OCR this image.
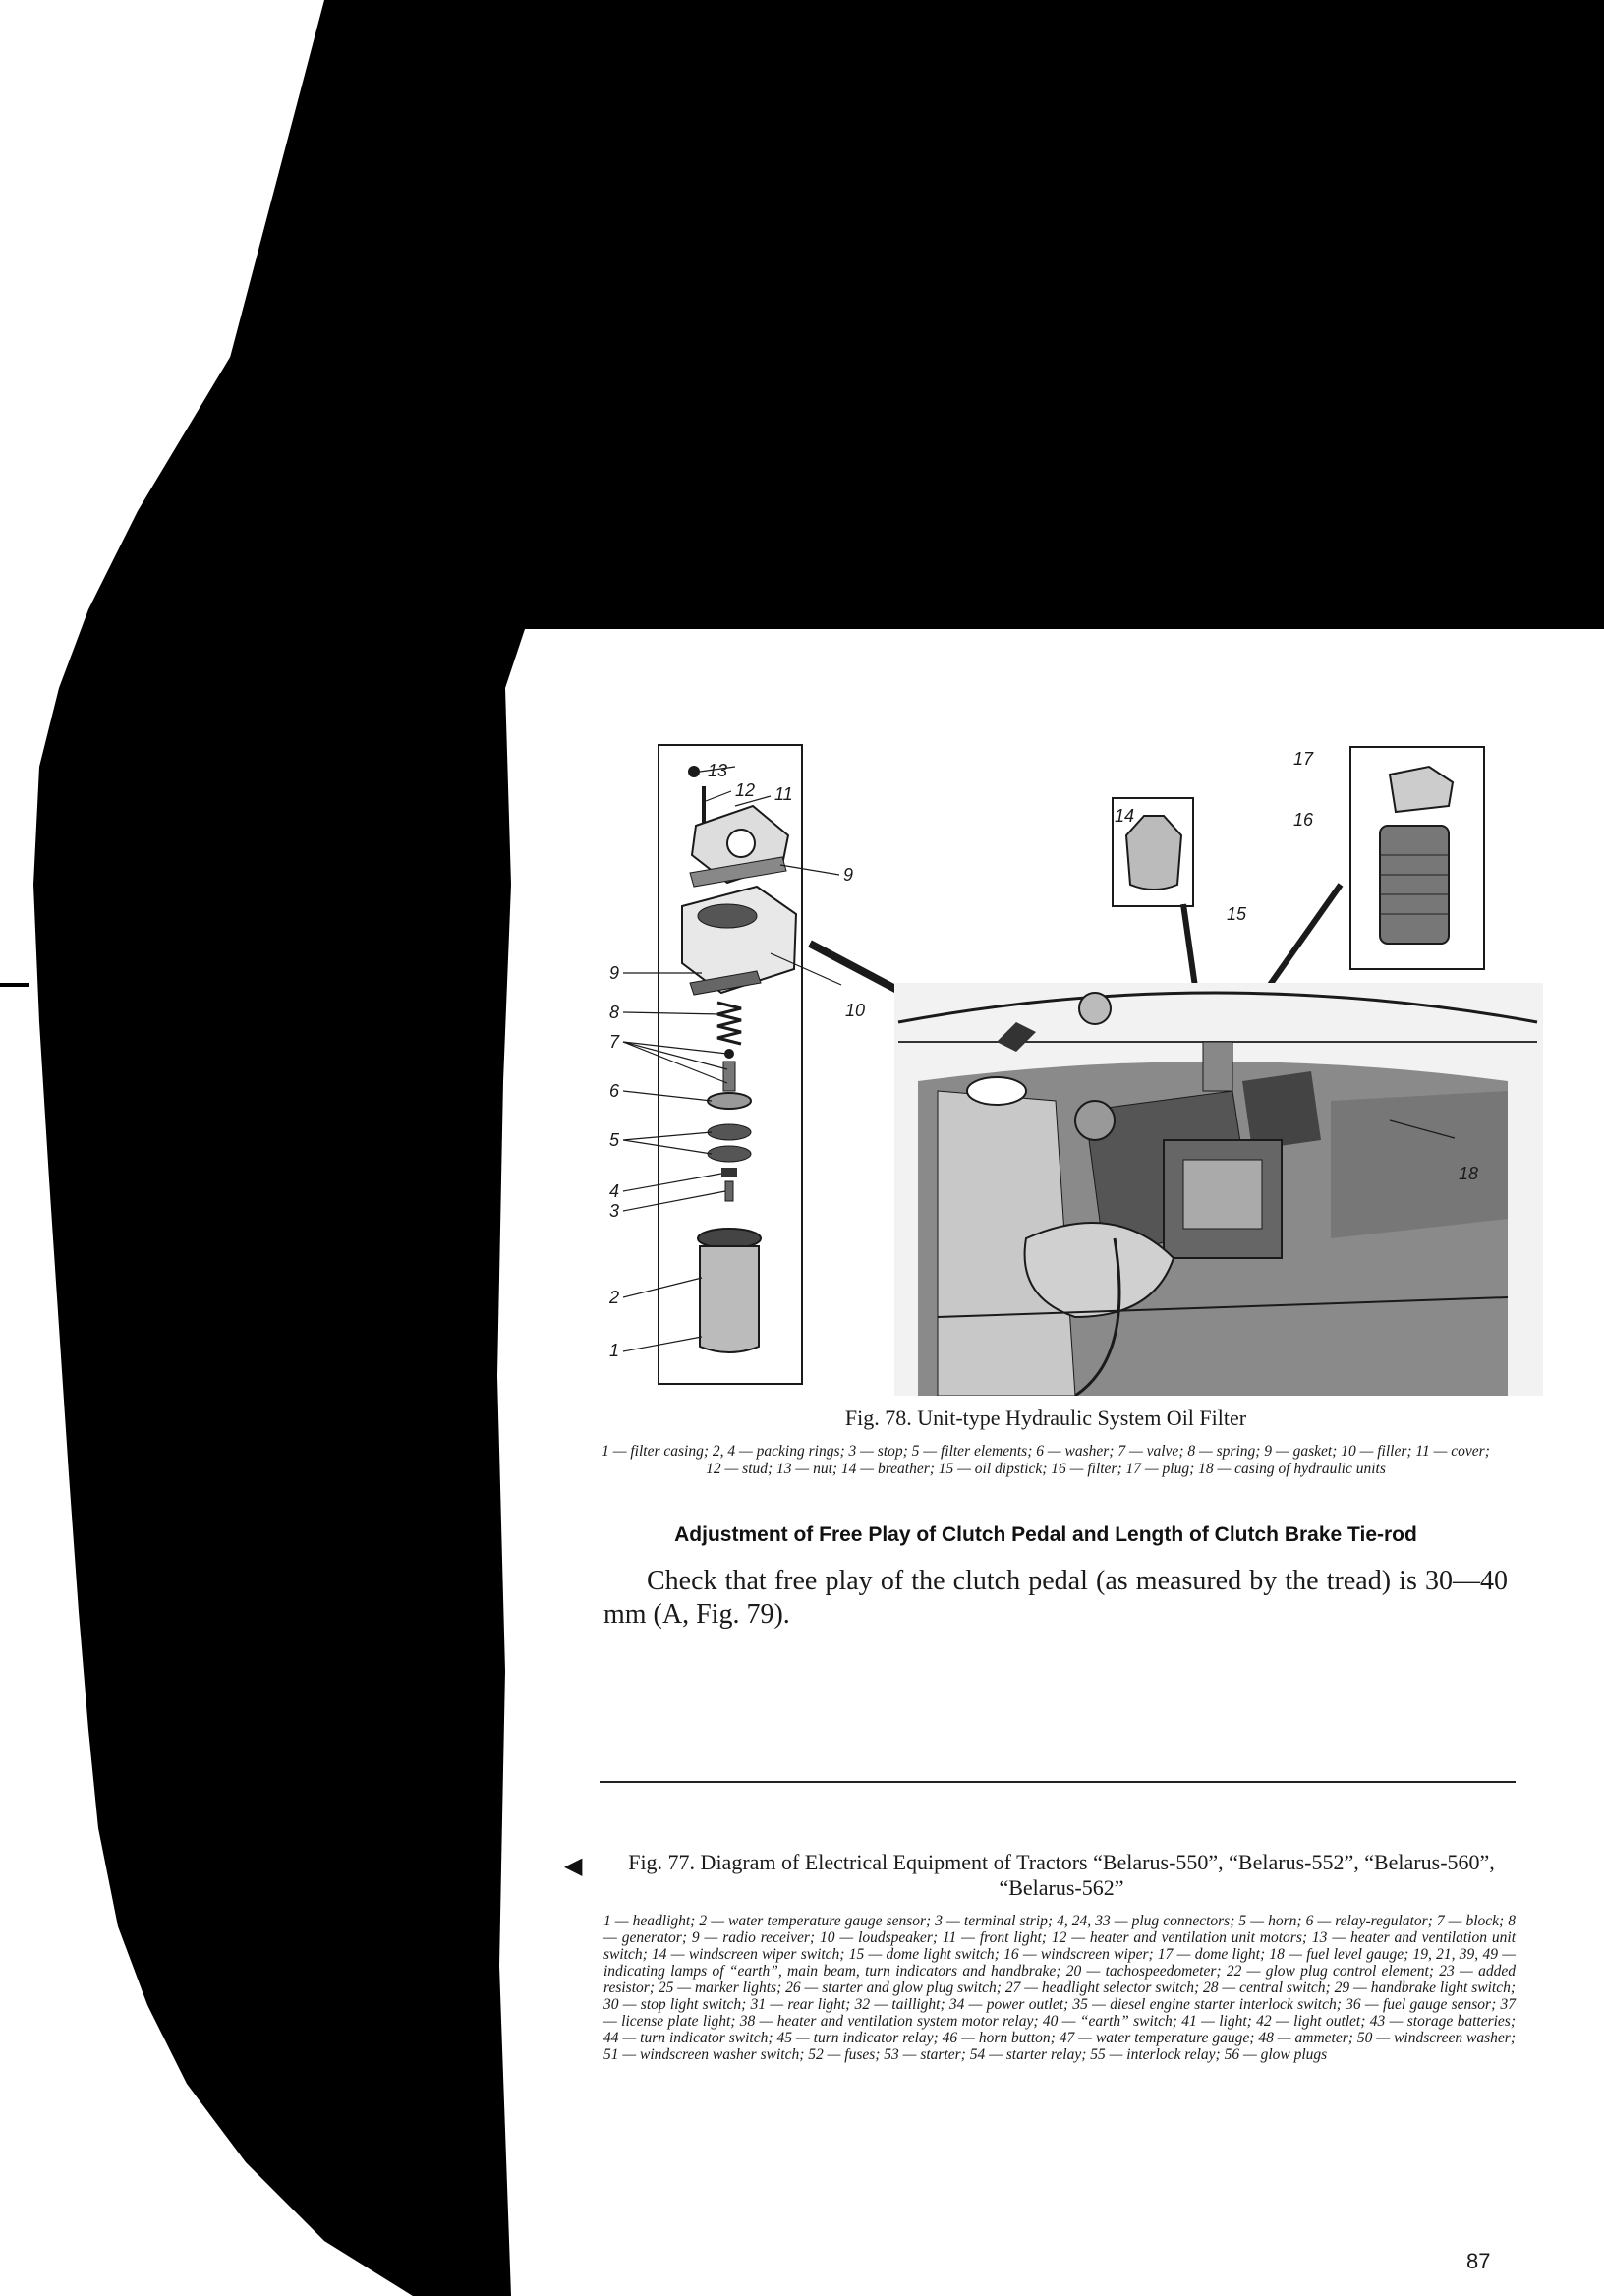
13
12 11
9
9
10
8
7
6
5
4
3
2
1
14
15
16
17
18
Fig. 78. Unit-type Hydraulic System Oil Filter
1 — filter casing; 2, 4 — packing rings; 3 — stop; 5 — filter elements; 6 — washer; 7 — valve; 8 — spring; 9 — gasket; 10 — filler; 11 — cover; 12 — stud; 13 — nut; 14 — breather; 15 — oil dipstick; 16 — filter; 17 — plug; 18 — casing of hydraulic units
Adjustment of Free Play of Clutch Pedal and Length of Clutch Brake Tie-rod
Check that free play of the clutch pedal (as measured by the tread) is 30—40 mm (A, Fig. 79).
◀	Fig. 77. Diagram of Electrical Equipment of Tractors “Belarus-550”, “Belarus-552”, “Belarus-560”, “Belarus-562”
1 — headlight; 2 — water temperature gauge sensor; 3 — terminal strip; 4, 24, 33 — plug connectors; 5 — horn; 6 — relay-regulator; 7 — block; 8 — generator; 9 — radio receiver; 10 — loudspeaker; 11 — front light; 12 — heater and ventilation unit motors; 13 — heater and ventilation unit switch; 14 — windscreen wiper switch; 15 — dome light switch; 16 — windscreen wiper; 17 — dome light; 18 — fuel level gauge; 19, 21, 39, 49 — indicating lamps of “earth”, main beam, turn indicators and handbrake; 20 — tachospeedometer; 22 — glow plug control element; 23 — added resistor; 25 — marker lights; 26 — starter and glow plug switch; 27 — headlight selector switch; 28 — central switch; 29 — handbrake light switch; 30 — stop light switch; 31 — rear light; 32 — taillight; 34 — power outlet; 35 — diesel engine starter interlock switch; 36 — fuel gauge sensor; 37 — license plate light; 38 — heater and ventilation system motor relay; 40 — “earth” switch; 41 — light; 42 — light outlet; 43 — storage batteries; 44 — turn indicator switch; 45 — turn indicator relay; 46 — horn button; 47 — water temperature gauge; 48 — ammeter; 50 — windscreen washer; 51 — windscreen washer switch; 52 — fuses; 53 — starter; 54 — starter relay; 55 — interlock relay; 56 — glow plugs
87
